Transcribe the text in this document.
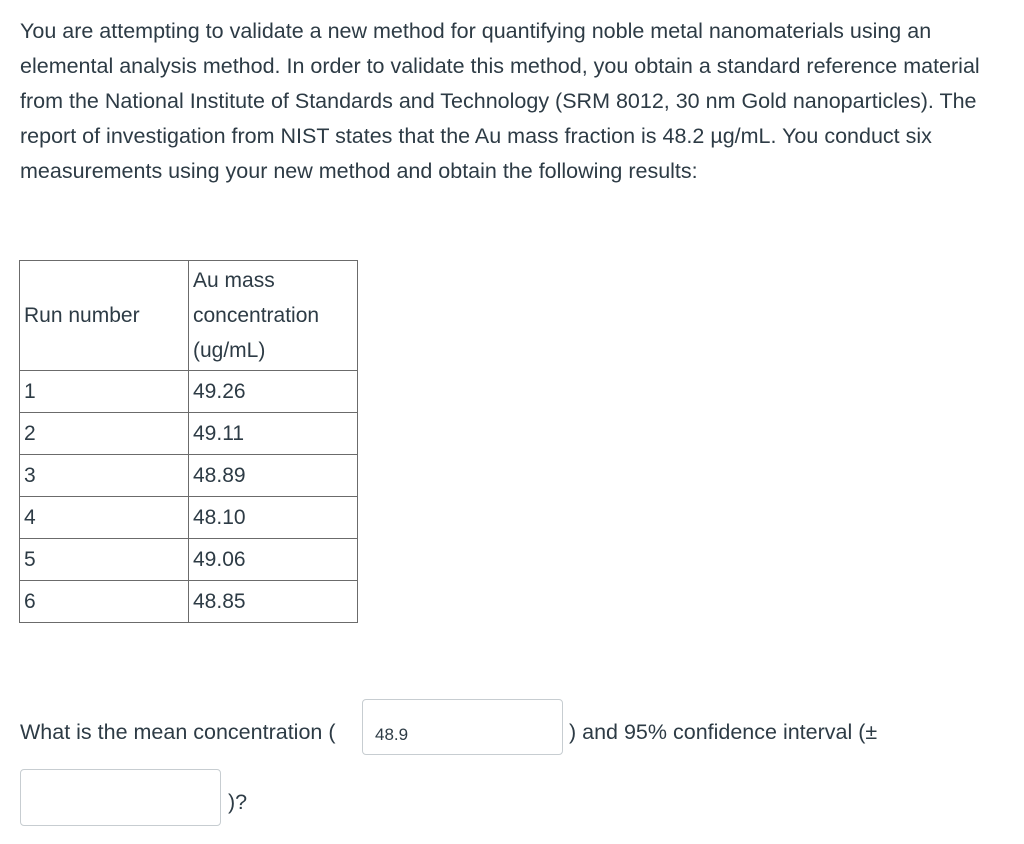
You are attempting to validate a new method for quantifying noble metal nanomaterials using an elemental analysis method. In order to validate this method, you obtain a standard reference material from the National Institute of Standards and Technology (SRM 8012, 30 nm Gold nanoparticles). The report of investigation from NIST states that the Au mass fraction is 48.2 µg/mL. You conduct six measurements using your new method and obtain the following results:

Run number	Au mass
concentration
(ug/mL)
1	49.26
2	49.11
3	48.89
4	48.10
5	49.06
6	48.85
What is the mean concentration (
48.9	) and 95% confidence interval (±
)?
